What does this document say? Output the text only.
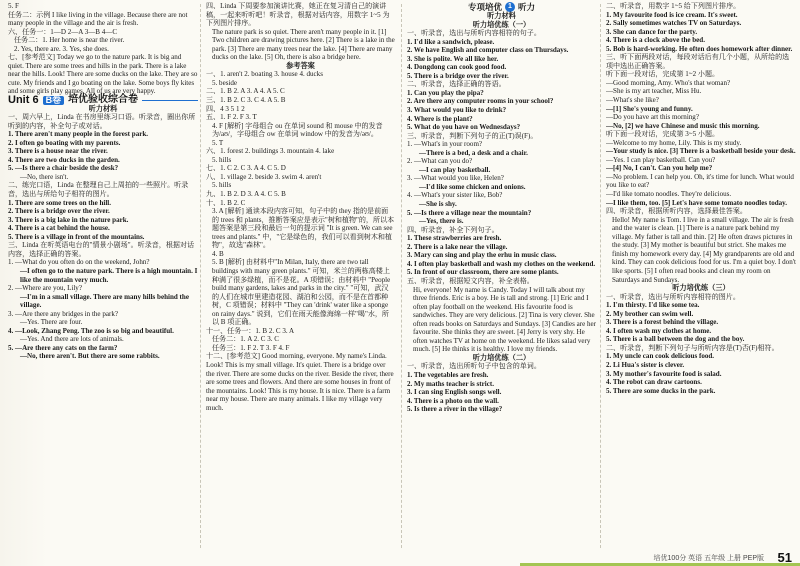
5. F
任务二：示例 I like living in the village. Because there are not many people in the village and the air is fresh.
六、任务一：1—D 2—A 3—B 4—C
任务二：1. Her home is near the river.
2. Yes, there are. 3. Yes, she does.
七、[参考范文] Today we go to the nature park. It is big and quiet. There are some trees and hills in the park. There is a lake near the hills. Look! There are some ducks on the lake. They are so cute. My friends and I go boating on the lake. Some boys fly kites and some girls play games. All of us are very happy.
Unit 6 B卷 培优验收综合卷
听力材料
一、周六早上，Linda 在书房里练习口语。听录音，圈出你所听到的内容，补全句子或对话。
1. There aren't many people in the forest park.
2. I often go boating with my parents.
3. There is a house near the river.
4. There are two ducks in the garden.
5. —Is there a chair beside the desk?
—No, there isn't.
二、练完口语，Linda 在整理自己上周拍的一些照片。听录音，选出与所给句子相符的图片。
1. There are some trees on the hill.
2. There is a bridge over the river.
3. There is a big lake in the nature park.
4. There is a cat behind the house.
5. There is a village in front of the mountains.
三、Linda 在听英语电台的"情景小剧场"。听录音，根据对话内容，选择正确的答案。
1. —What do you often do on the weekend, John?
—I often go to the nature park. There is a high mountain. I like the mountain very much.
2. —Where are you, Lily?
—I'm in a small village. There are many hills behind the village.
3. —Are there any bridges in the park?
—Yes. There are four.
4. —Look, Zhang Peng. The zoo is so big and beautiful.
—Yes. And there are lots of animals.
5. —Are there any cats on the farm?
—No, there aren't. But there are some rabbits.
四、Linda 下周要参加演讲比赛，她正在复习清自己的演讲稿，一起来听听吧！听录音，根据对话内容，用数字 1~5 为下列图片排序。
The nature park is so quiet. There aren't many people in it. [1] Two children are drawing pictures here. [2] There is a lake in the park. [3] There are many trees near the lake. [4] There are many ducks on the lake. [5] Oh, there is also a bridge here.
参考答案
一、1. aren't 2. boating 3. house 4. ducks
5. beside
二、1. B 2. A 3. A 4. A 5. C
三、1. B 2. C 3. C 4. A 5. B
四、4 3 5 1 2
五、1. F 2. F 3. T
4. F [解析] 字母组合 ou 在单词 sound 和 mouse 中的发音为/aʊ/，字母组合 ow 在单词 window 中的发音为/əʊ/。
5. T
六、1. forest 2. buildings 3. mountain 4. lake
5. hills
七、1. C 2. C 3. A 4. C 5. D
八、1. village 2. beside 3. swim 4. aren't
5. hills
九、1. B 2. D 3. A 4. C 5. B
十、1. B 2. C
3. A [解析] 通读本段内容可知，句子中的 they 指的是前面的 trees 和 plants，推断答案应是表示"树和植物"的，所以本题答案是第三段和最后一句的提示词 "It is green. We can see trees and plants." 中，"它是绿色的，我们可以看到树木和植物"，故选"森林"。
4. B
5. B [解析] 由材料中"In Milan, Italy, there are two tall buildings with many green plants." 可知，米兰的两栋高楼上种满了很多绿植，而不是花。A 项错误；由材料中 "People build many gardens, lakes and parks in the city." "可知，武汉的人们在城市里建造花园、湖泊和公园，而不是在首都种树，C 项错误；材料中 "They can 'drink' water like a sponge on rainy days." 说到，它们在雨天能像海绵一样"喝"水，所以 B 项正确。
十一、任务一：1. B 2. C 3. A
任务二：1. A 2. C 3. C
任务三：1. F 2. T 3. F 4. F
十二、[参考范文] Good morning, everyone. My name's Linda. Look! This is my small village. It's quiet. There is a bridge over the river. There are some ducks on the river. Beside the river, there are some trees and flowers. And there are some houses in front of the mountains. Look! This is my house. It is nice. There is a farm near my house. There are many animals. I like my village very much.
专项培优 1 听力
听力材料
听力培优练（一）
一、听录音，选出与所听内容相符的句子。
1. I'd like a sandwich, please.
2. We have English and computer class on Thursdays.
3. She is polite. We all like her.
4. Dongdong can cook good food.
5. There is a bridge over the river.
二、听录音，选择正确的答语。
1. Can you play the pipa?
2. Are there any computer rooms in your school?
3. What would you like to drink?
4. Where is the plant?
5. What do you have on Wednesdays?
三、听录音，判断下列句子的正(T)误(F)。
1. —What's in your room?
—There is a bed, a desk and a chair.
2. —What can you do?
—I can play basketball.
3. —What would you like, Helen?
—I'd like some chicken and onions.
4. —What's your sister like, Bob?
—She is shy.
5. —Is there a village near the mountain?
—Yes, there is.
四、听录音，补全下列句子。
1. These strawberries are fresh.
2. There is a lake near the village.
3. Mary can sing and play the erhu in music class.
4. I often play basketball and wash my clothes on the weekend.
5. In front of our classroom, there are some plants.
五、听录音，根据短文内容，补全表格。
Hi, everyone! My name is Candy. Today I will talk about my three friends. Eric is a boy. He is tall and strong. [1] Eric and I often play football on the weekend. His favourite food is sandwiches. They are very delicious. [2] Tina is very clever. She often reads books on Saturdays and Sundays. [3] Candies are her favourite. She thinks they are sweet. [4] Jerry is very shy. He often watches TV at home on the weekend. He likes salad very much. [5] He thinks it is healthy. I love my friends.
听力培优练（二）
一、听录音，选出所听句子中包含的单词。
1. The vegetables are fresh.
2. My maths teacher is strict.
3. I can sing English songs well.
4. There is a photo on the wall.
5. Is there a river in the village?
二、听录音，用数字 1~5 给下列图片排序。
1. My favourite food is ice cream. It's sweet.
2. Sally sometimes watches TV on Saturdays.
3. She can dance for the party.
4. There is a clock above the bed.
5. Bob is hard-working. He often does homework after dinner.
三、听下面两段对话，每段对话后有几个小题，从所给的选项中选出正确答案。
听下面一段对话，完成第 1~2 小题。
—Good morning, Amy. Who's that woman?
—She is my art teacher, Miss Hu.
—What's she like?
—[1] She's young and funny.
—Do you have art this morning?
—No, [2] we have Chinese and music this morning.
听下面一段对话，完成第 3~5 小题。
—Welcome to my home, Lily. This is my study.
—Your study is nice. [3] There is a basketball beside your desk.
—Yes. I can play basketball. Can you?
—[4] No, I can't. Can you help me?
—No problem. I can help you. Oh, it's time for lunch. What would you like to eat?
—I'd like tomato noodles. They're delicious.
—I like them, too. [5] Let's have some tomato noodles today.
四、听录音，根据所听内容，选择最佳答案。
Hello! My name is Tom. I live in a small village. The air is fresh and the water is clean. [1] There is a nature park behind my village. My father is tall and thin. [2] He often draws pictures in the study. [3] My mother is beautiful but strict. She makes me finish my homework every day. [4] My grandparents are old and kind. They can cook delicious food for us. I'm a quiet boy. I don't like sports. [5] I often read books and clean my room on Saturdays and Sundays.
听力培优练（三）
一、听录音，选出与所听内容相符的图片。
1. I'm thirsty. I'd like some tea.
2. My brother can swim well.
3. There is a forest behind the village.
4. I often wash my clothes at home.
5. There is a ball between the dog and the boy.
二、听录音，判断下列句子与所听内容是(T)否(F)相符。
1. My uncle can cook delicious food.
2. Li Hua's sister is clever.
3. My mother's favourite food is salad.
4. The robot can draw cartoons.
5. There are some ducks in the park.
培优100分 英语 五年级 上册 PEP版 51
